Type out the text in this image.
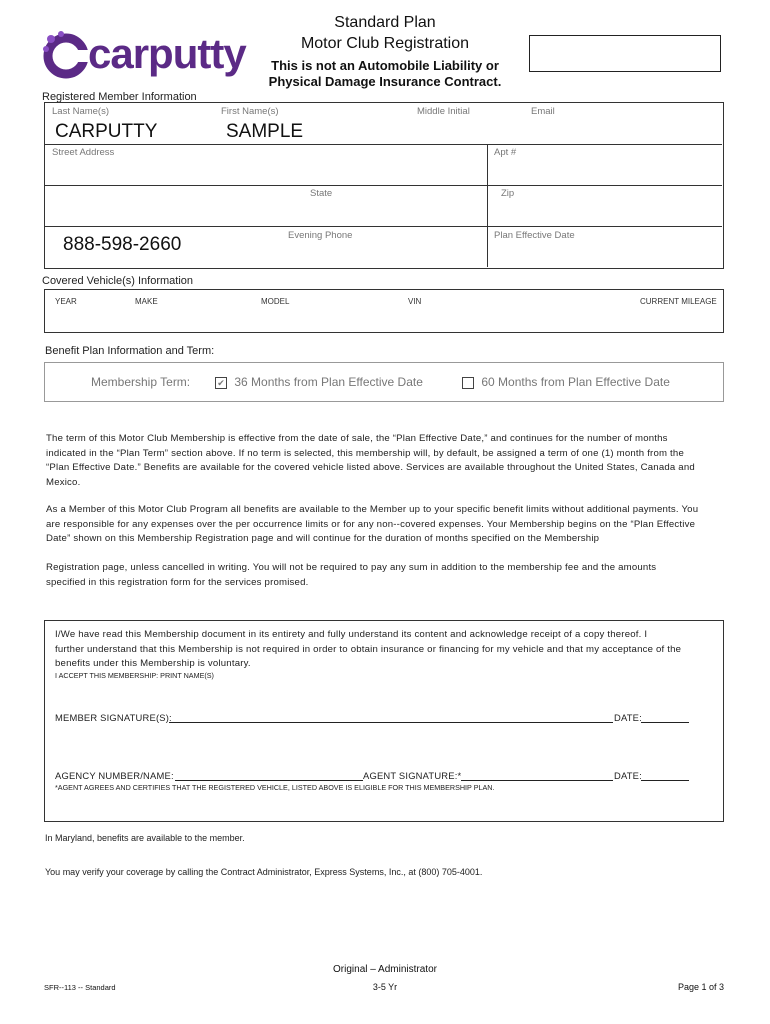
carputty
Standard Plan
Motor Club Registration
This is not an Automobile Liability or
Physical Damage Insurance Contract.
Registered Member Information
Last Name(s)	First Name(s)	Middle Initial	Email
CARPUTTY	SAMPLE
Street Address	Apt #
State	Zip
Evening Phone	Plan Effective Date
888-598-2660
Covered Vehicle(s) Information
YEAR	MAKE	MODEL	VIN	CURRENT MILEAGE
Benefit Plan Information and Term:
Membership Term:	✔ 36 Months from Plan Effective Date	60 Months from Plan Effective Date
The term of this Motor Club Membership is effective from the date of sale, the “Plan Effective Date,” and continues for the number of months
indicated in the “Plan Term” section above. If no term is selected, this membership will, by default, be assigned a term of one (1) month from the
“Plan Effective Date.” Benefits are available for the covered vehicle listed above. Services are available throughout the United States, Canada and
Mexico.
As a Member of this Motor Club Program all benefits are available to the Member up to your specific benefit limits without additional payments. You
are responsible for any expenses over the per occurrence limits or for any non-‐covered expenses. Your Membership begins on the “Plan Effective
Date” shown on this Membership Registration page and will continue for the duration of months specified on the Membership
Registration page, unless cancelled in writing. You will not be required to pay any sum in addition to the membership fee and the amounts
specified in this registration form for the services promised.
I/We have read this Membership document in its entirety and fully understand its content and acknowledge receipt of a copy thereof. I
further understand that this Membership is not required in order to obtain insurance or financing for my vehicle and that my acceptance of the
benefits under this Membership is voluntary.
I ACCEPT THIS MEMBERSHIP: PRINT NAME(S)
MEMBER SIGNATURE(S):	DATE:
AGENCY NUMBER/NAME:	AGENT SIGNATURE:*	DATE:
*AGENT AGREES AND CERTIFIES THAT THE REGISTERED VEHICLE, LISTED ABOVE IS ELIGIBLE FOR THIS MEMBERSHIP PLAN.
In Maryland, benefits are available to the member.
You may verify your coverage by calling the Contract Administrator, Express Systems, Inc., at (800) 705-4001.
Original – Administrator
3-5 Yr
SFR-‐113 -‐ Standard	Page 1 of 3
